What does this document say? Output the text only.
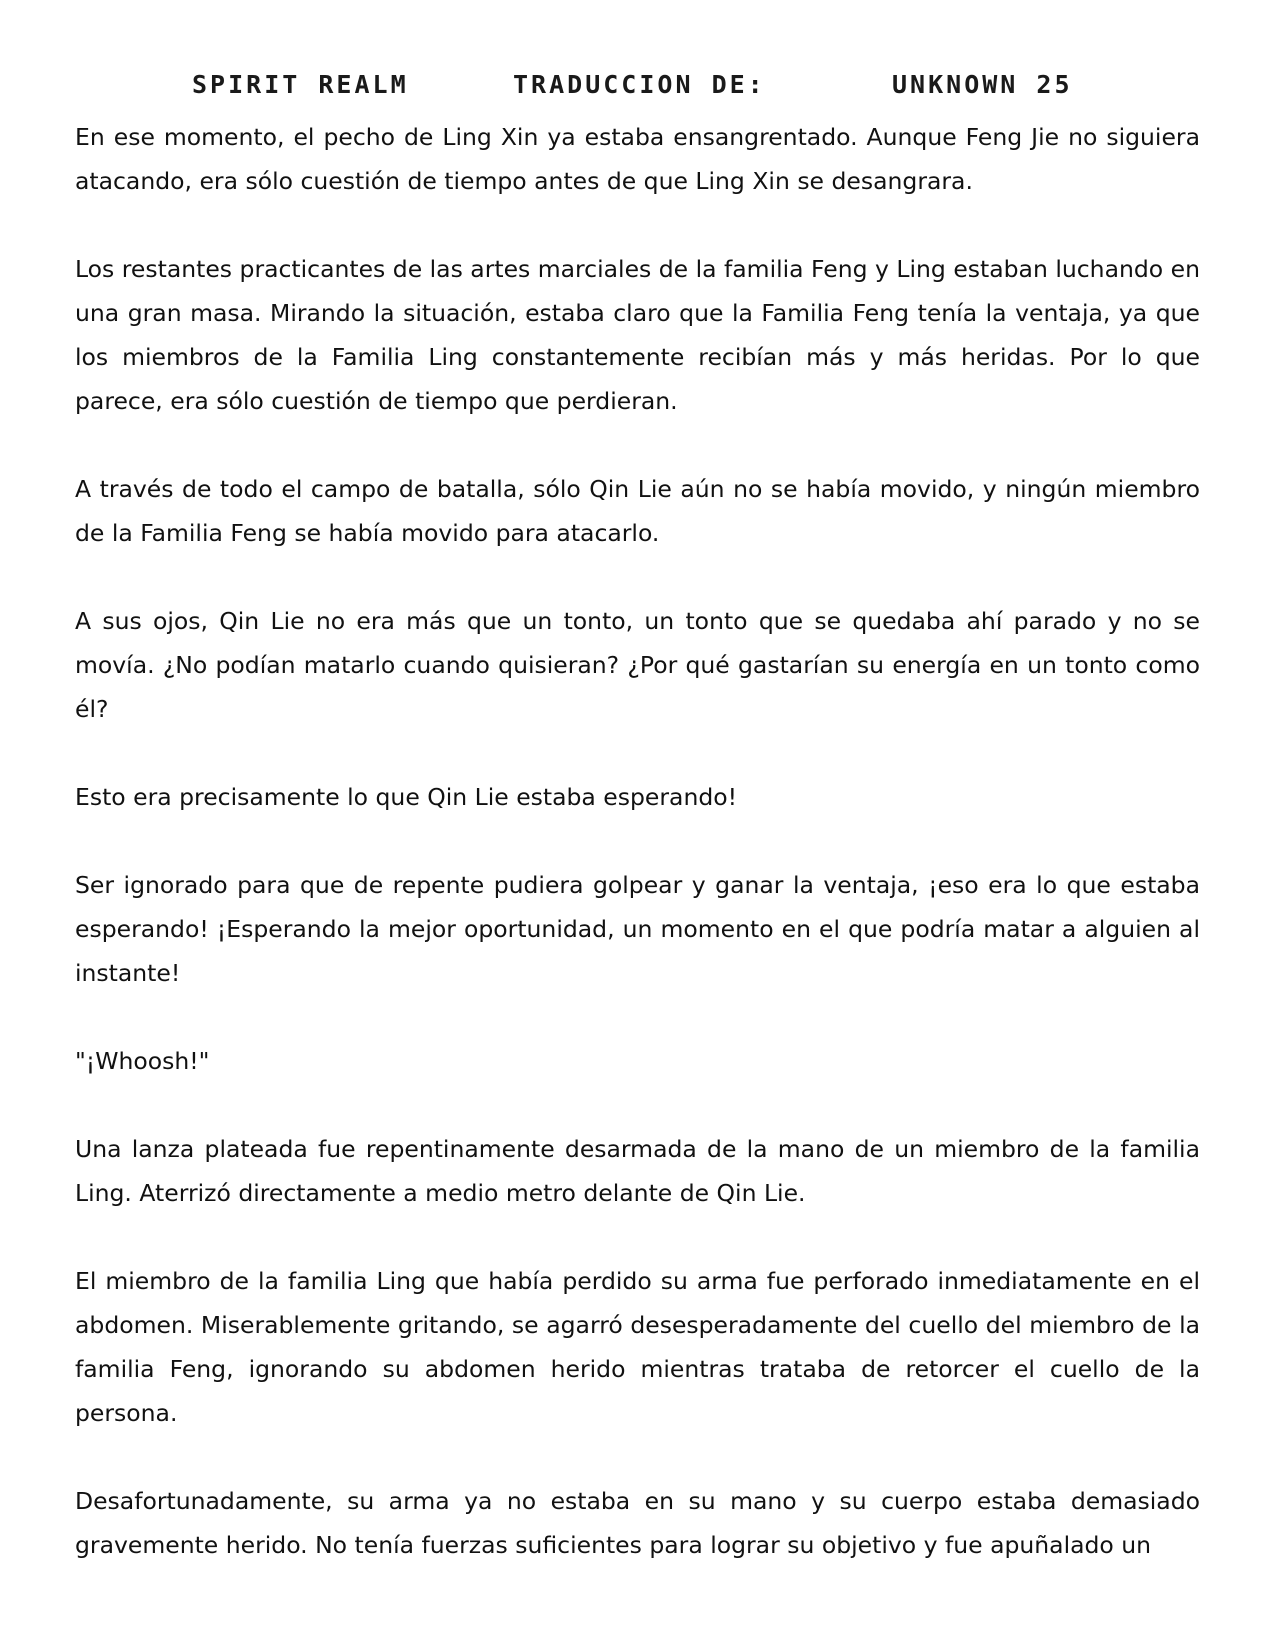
SPIRIT REALM	TRADUCCION DE:	UNKNOWN 25

En ese momento, el pecho de Ling Xin ya estaba ensangrentado. Aunque Feng Jie no siguiera atacando, era sólo cuestión de tiempo antes de que Ling Xin se desangrara.

Los restantes practicantes de las artes marciales de la familia Feng y Ling estaban luchando en una gran masa. Mirando la situación, estaba claro que la Familia Feng tenía la ventaja, ya que los miembros de la Familia Ling constantemente recibían más y más heridas. Por lo que parece, era sólo cuestión de tiempo que perdieran.

A través de todo el campo de batalla, sólo Qin Lie aún no se había movido, y ningún miembro de la Familia Feng se había movido para atacarlo.

A sus ojos, Qin Lie no era más que un tonto, un tonto que se quedaba ahí parado y no se movía. ¿No podían matarlo cuando quisieran? ¿Por qué gastarían su energía en un tonto como él?

Esto era precisamente lo que Qin Lie estaba esperando!

Ser ignorado para que de repente pudiera golpear y ganar la ventaja, ¡eso era lo que estaba esperando! ¡Esperando la mejor oportunidad, un momento en el que podría matar a alguien al instante!

"¡Whoosh!"

Una lanza plateada fue repentinamente desarmada de la mano de un miembro de la familia Ling. Aterrizó directamente a medio metro delante de Qin Lie.

El miembro de la familia Ling que había perdido su arma fue perforado inmediatamente en el abdomen. Miserablemente gritando, se agarró desesperadamente del cuello del miembro de la familia Feng, ignorando su abdomen herido mientras trataba de retorcer el cuello de la persona.

Desafortunadamente, su arma ya no estaba en su mano y su cuerpo estaba demasiado gravemente herido. No tenía fuerzas suficientes para lograr su objetivo y fue apuñalado un
